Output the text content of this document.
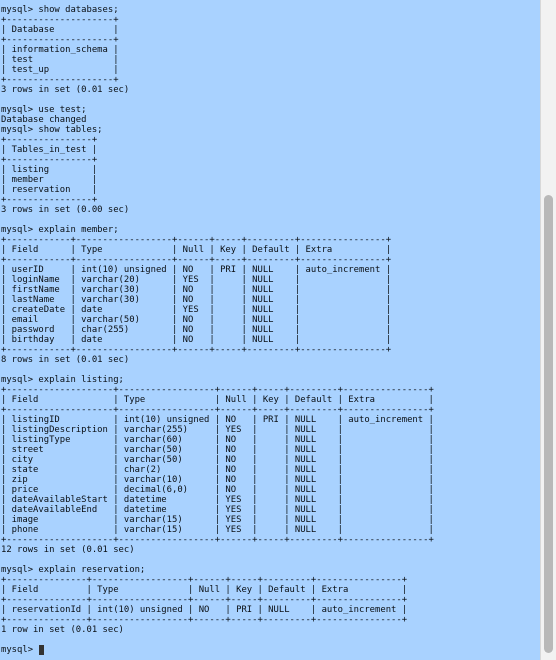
mysql> show databases;
+--------------------+
| Database           |
+--------------------+
| information_schema |
| test               |
| test_up            |
+--------------------+
3 rows in set (0.01 sec)

mysql> use test;
Database changed
mysql> show tables;
+----------------+
| Tables_in_test |
+----------------+
| listing        |
| member         |
| reservation    |
+----------------+
3 rows in set (0.00 sec)

mysql> explain member;
+------------+------------------+------+-----+---------+----------------+
| Field      | Type             | Null | Key | Default | Extra          |
+------------+------------------+------+-----+---------+----------------+
| userID     | int(10) unsigned | NO   | PRI | NULL    | auto_increment |
| loginName  | varchar(20)      | YES  |     | NULL    |                |
| firstName  | varchar(30)      | NO   |     | NULL    |                |
| lastName   | varchar(30)      | NO   |     | NULL    |                |
| createDate | date             | YES  |     | NULL    |                |
| email      | varchar(50)      | NO   |     | NULL    |                |
| password   | char(255)        | NO   |     | NULL    |                |
| birthday   | date             | NO   |     | NULL    |                |
+------------+------------------+------+-----+---------+----------------+
8 rows in set (0.01 sec)

mysql> explain listing;
+--------------------+------------------+------+-----+---------+----------------+
| Field              | Type             | Null | Key | Default | Extra          |
+--------------------+------------------+------+-----+---------+----------------+
| listingID          | int(10) unsigned | NO   | PRI | NULL    | auto_increment |
| listingDescription | varchar(255)     | YES  |     | NULL    |                |
| listingType        | varchar(60)      | NO   |     | NULL    |                |
| street             | varchar(50)      | NO   |     | NULL    |                |
| city               | varchar(50)      | NO   |     | NULL    |                |
| state              | char(2)          | NO   |     | NULL    |                |
| zip                | varchar(10)      | NO   |     | NULL    |                |
| price              | decimal(6,0)     | NO   |     | NULL    |                |
| dateAvailableStart | datetime         | YES  |     | NULL    |                |
| dateAvailableEnd   | datetime         | YES  |     | NULL    |                |
| image              | varchar(15)      | YES  |     | NULL    |                |
| phone              | varchar(15)      | YES  |     | NULL    |                |
+--------------------+------------------+------+-----+---------+----------------+
12 rows in set (0.01 sec)

mysql> explain reservation;
+---------------+------------------+------+-----+---------+----------------+
| Field         | Type             | Null | Key | Default | Extra          |
+---------------+------------------+------+-----+---------+----------------+
| reservationId | int(10) unsigned | NO   | PRI | NULL    | auto_increment |
+---------------+------------------+------+-----+---------+----------------+
1 row in set (0.01 sec)

mysql>
